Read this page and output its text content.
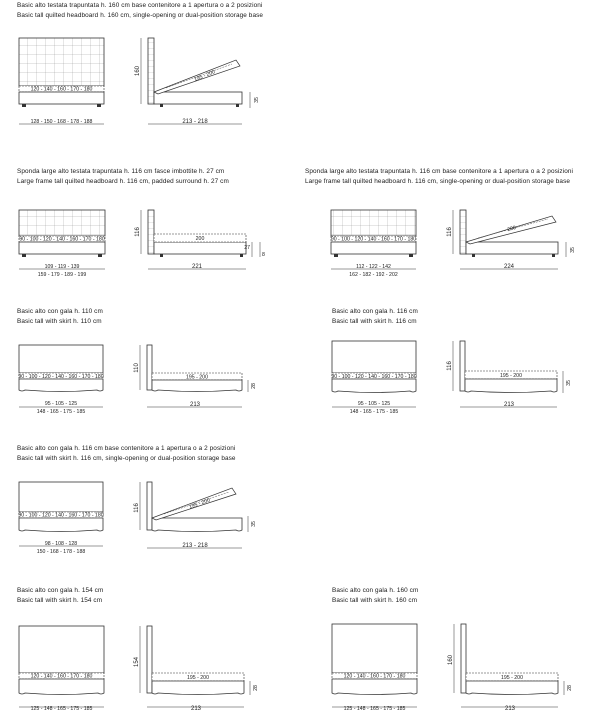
Basic alto testata trapuntata h. 160 cm base contenitore a 1 apertura o a 2 posizioni
Basic tall quilted headboard h. 160 cm, single-opening or dual-position storage base
Sponda large alto testata trapuntata h. 116 cm fasce imbottite h. 27 cm
Large frame tall quilted headboard h. 116 cm, padded surround h. 27 cm
Sponda large alto testata trapuntata h. 116 cm base contenitore a 1 apertura o a 2 posizioni
Large frame tall quilted headboard h. 116 cm, single-opening or dual-position storage base
Basic alto con gala h. 110 cm
Basic tall with skirt h. 110 cm
Basic alto con gala h. 116 cm
Basic tall with skirt h. 116 cm
Basic alto con gala h. 116 cm base contenitore a 1 apertura o a 2 posizioni
Basic tall with skirt h. 116 cm, single-opening or dual-position storage base
Basic alto con gala h. 154 cm
Basic tall with skirt h. 154 cm
Basic alto con gala h. 160 cm
Basic tall with skirt h. 160 cm
120 - 140 - 160 - 170 - 180
128 - 150 - 168 - 178 - 188
160
35
195 - 200
213 - 218
90 - 100 - 120 - 140 - 160 - 170 - 180
109 - 119 - 139
159 - 179 - 189 - 199
116
27
8
200
221
90 - 100 - 120 - 140 - 160 - 170 - 180
112 - 122 - 142
162 - 182 - 192 - 202
116
35
200
224
90 - 100 - 120 - 140 - 160 - 170 - 180
95 - 105 - 125
148 - 165 - 175 - 185
110
28
195 - 200
213
90 - 100 - 120 - 140 - 160 - 170 - 180
95 - 105 - 125
148 - 165 - 175 - 185
116
35
195 - 200
213
90 - 100 - 120 - 140 - 160 - 170 - 180
98 - 108 - 128
150 - 168 - 178 - 188
116
35
195 - 200
213 - 218
120 - 140 - 160 - 170 - 180
125 - 148 - 165 - 175 - 185
154
28
195 - 200
213
120 - 140 - 160 - 170 - 180
125 - 148 - 165 - 175 - 185
160
28
195 - 200
213
